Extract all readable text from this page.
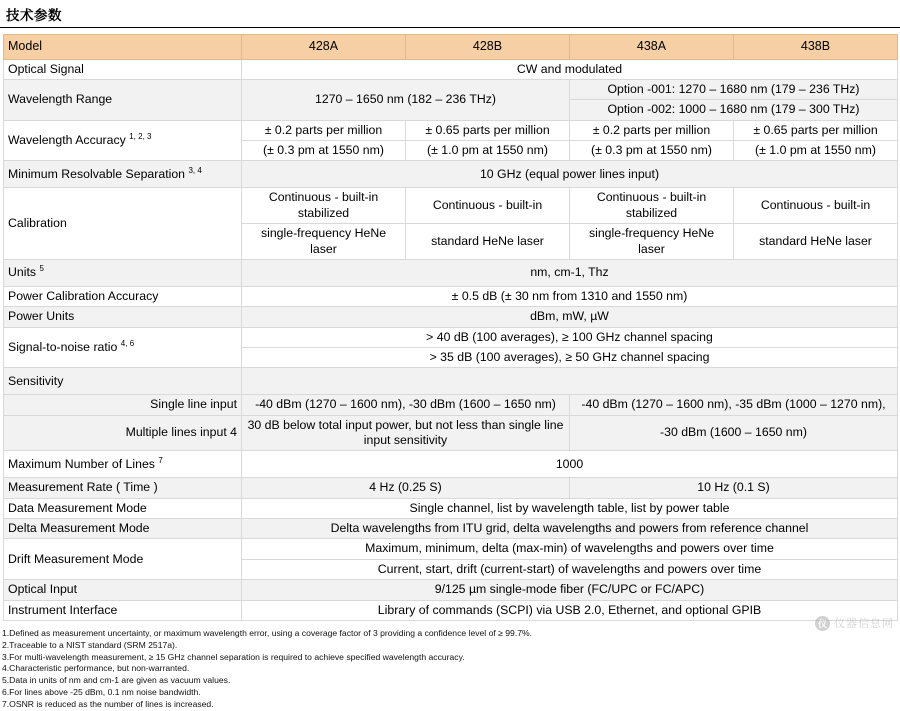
技术参数
Model	428A	428B	438A	438B
Optical Signal	CW and modulated			
Wavelength Range	1270 – 1650 nm (182 – 236 THz)		Option -001: 1270 – 1680 nm (179 – 236 THz)	
			Option -002: 1000 – 1680 nm (179 – 300 THz)	
Wavelength Accuracy $^{1, 2, 3}$	± 0.2 parts per million	± 0.65 parts per million	± 0.2 parts per million	± 0.65 parts per million
	(± 0.3 pm at 1550 nm)	(± 1.0 pm at 1550 nm)	(± 0.3 pm at 1550 nm)	(± 1.0 pm at 1550 nm)
Minimum Resolvable Separation $^{3, 4}$	10 GHz (equal power lines input)			
Calibration	Continuous - built-in stabilized	Continuous - built-in	Continuous - built-in stabilized	Continuous - built-in
	single-frequency HeNe laser	standard HeNe laser	single-frequency HeNe laser	standard HeNe laser
Units $^5$	nm, cm-1, Thz			
Power Calibration Accuracy	± 0.5 dB (± 30 nm from 1310 and 1550 nm)			
Power Units	dBm, mW, µW			
Signal-to-noise ratio $^{4, 6}$	> 40 dB (100 averages), ≥ 100 GHz channel spacing			
	> 35 dB (100 averages), ≥ 50 GHz channel spacing			
Sensitivity				
Single line input	-40 dBm (1270 – 1600 nm), -30 dBm (1600 – 1650 nm)		-40 dBm (1270 – 1600 nm), -35 dBm (1000 – 1270 nm),	
Multiple lines input 4	30 dB below total input power, but not less than single line input sensitivity		-30 dBm (1600 – 1650 nm)	
Maximum Number of Lines $^7$	1000			
Measurement Rate ( Time )	4 Hz (0.25 S)		10 Hz (0.1 S)	
Data Measurement Mode	Single channel, list by wavelength table, list by power table			
Delta Measurement Mode	Delta wavelengths from ITU grid, delta wavelengths and powers from reference channel			
Drift Measurement Mode	Maximum, minimum, delta (max-min) of wavelengths and powers over time			
	Current, start, drift (current-start) of wavelengths and powers over time			
Optical Input	9/125 µm single-mode fiber (FC/UPC or FC/APC)			
Instrument Interface	Library of commands (SCPI) via USB 2.0, Ethernet, and optional GPIB			
1.Defined as measurement uncertainty, or maximum wavelength error, using a coverage factor of 3 providing a confidence level of ≥ 99.7%.
2.Traceable to a NIST standard (SRM 2517a).
3.For multi-wavelength measurement, ≥ 15 GHz channel separation is required to achieve specified wavelength accuracy.
4.Characteristic performance, but non-warranted.
5.Data in units of nm and cm-1 are given as vacuum values.
6.For lines above -25 dBm, 0.1 nm noise bandwidth.
7.OSNR is reduced as the number of lines is increased.
仪 仪器信息网
